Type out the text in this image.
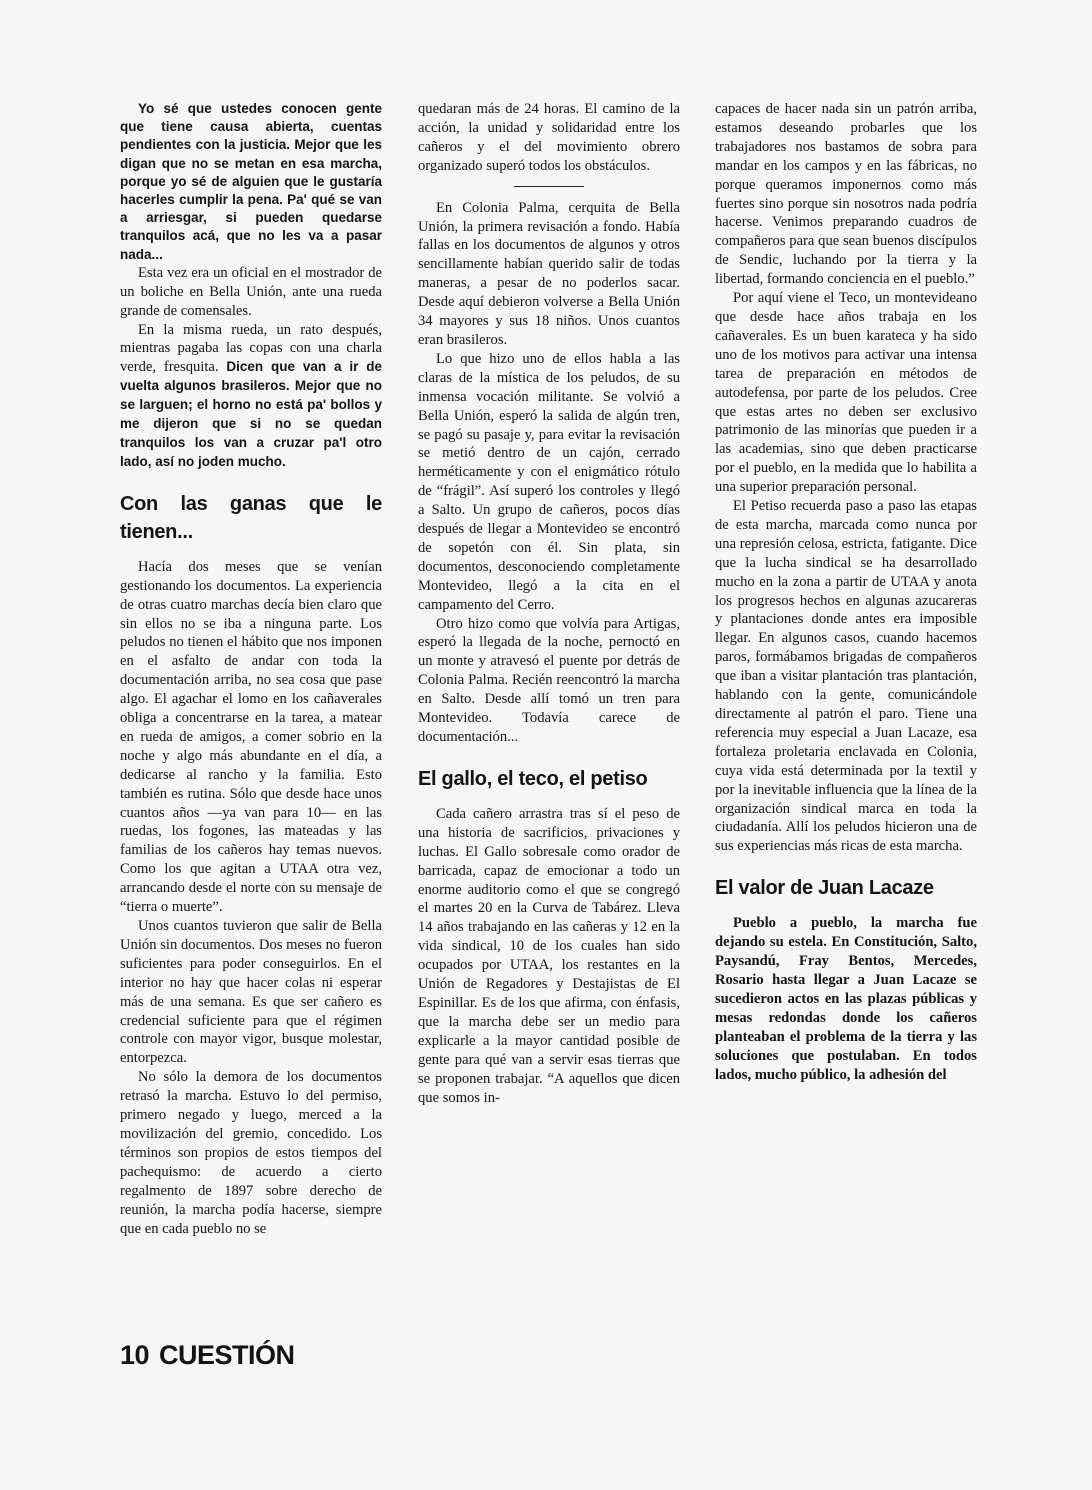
Yo sé que ustedes conocen gente que tiene causa abierta, cuentas pendientes con la justicia. Mejor que les digan que no se metan en esa marcha, porque yo sé de alguien que le gustaría hacerles cumplir la pena. Pa' qué se van a arriesgar, si pueden quedarse tranquilos acá, que no les va a pasar nada...

Esta vez era un oficial en el mostrador de un boliche en Bella Unión, ante una rueda grande de comensales.

En la misma rueda, un rato después, mientras pagaba las copas con una charla verde, fresquita. Dicen que van a ir de vuelta algunos brasileros. Mejor que no se larguen; el horno no está pa' bollos y me dijeron que si no se quedan tranquilos los van a cruzar pa'l otro lado, así no joden mucho.

Con las ganas que le tienen...

Hacía dos meses que se venían gestionando los documentos. La experiencia de otras cuatro marchas decía bien claro que sin ellos no se iba a ninguna parte. Los peludos no tienen el hábito que nos imponen en el asfalto de andar con toda la documentación arriba, no sea cosa que pase algo. El agachar el lomo en los cañaverales obliga a concentrarse en la tarea, a matear en rueda de amigos, a comer sobrio en la noche y algo más abundante en el día, a dedicarse al rancho y la familia. Esto también es rutina. Sólo que desde hace unos cuantos años —ya van para 10— en las ruedas, los fogones, las mateadas y las familias de los cañeros hay temas nuevos. Como los que agitan a UTAA otra vez, arrancando desde el norte con su mensaje de “tierra o muerte”.

Unos cuantos tuvieron que salir de Bella Unión sin documentos. Dos meses no fueron suficientes para poder conseguirlos. En el interior no hay que hacer colas ni esperar más de una semana. Es que ser cañero es credencial suficiente para que el régimen controle con mayor vigor, busque molestar, entorpezca.

No sólo la demora de los documentos retrasó la marcha. Estuvo lo del permiso, primero negado y luego, merced a la movilización del gremio, concedido. Los términos son propios de estos tiempos del pachequismo: de acuerdo a cierto regalmento de 1897 sobre derecho de reunión, la marcha podía hacerse, siempre que en cada pueblo no se

quedaran más de 24 horas. El camino de la acción, la unidad y solidaridad entre los cañeros y el del movimiento obrero organizado superó todos los obstáculos.

En Colonia Palma, cerquita de Bella Unión, la primera revisación a fondo. Había fallas en los documentos de algunos y otros sencillamente habían querido salir de todas maneras, a pesar de no poderlos sacar. Desde aquí debieron volverse a Bella Unión 34 mayores y sus 18 niños. Unos cuantos eran brasileros.

Lo que hizo uno de ellos habla a las claras de la mística de los peludos, de su inmensa vocación militante. Se volvió a Bella Unión, esperó la salida de algún tren, se pagó su pasaje y, para evitar la revisación se metió dentro de un cajón, cerrado herméticamente y con el enigmático rótulo de “frágil”. Así superó los controles y llegó a Salto. Un grupo de cañeros, pocos días después de llegar a Montevideo se encontró de sopetón con él. Sin plata, sin documentos, desconociendo completamente Montevideo, llegó a la cita en el campamento del Cerro.

Otro hizo como que volvía para Artigas, esperó la llegada de la noche, pernoctó en un monte y atravesó el puente por detrás de Colonia Palma. Recién reencontró la marcha en Salto. Desde allí tomó un tren para Montevideo. Todavía carece de documentación...

El gallo, el teco, el petiso

Cada cañero arrastra tras sí el peso de una historia de sacrificios, privaciones y luchas. El Gallo sobresale como orador de barricada, capaz de emocionar a todo un enorme auditorio como el que se congregó el martes 20 en la Curva de Tabárez. Lleva 14 años trabajando en las cañeras y 12 en la vida sindical, 10 de los cuales han sido ocupados por UTAA, los restantes en la Unión de Regadores y Destajistas de El Espinillar. Es de los que afirma, con énfasis, que la marcha debe ser un medio para explicarle a la mayor cantidad posible de gente para qué van a servir esas tierras que se proponen trabajar. “A aquellos que dicen que somos in-

capaces de hacer nada sin un patrón arriba, estamos deseando probarles que los trabajadores nos bastamos de sobra para mandar en los campos y en las fábricas, no porque queramos imponernos como más fuertes sino porque sin nosotros nada podría hacerse. Venimos preparando cuadros de compañeros para que sean buenos discípulos de Sendic, luchando por la tierra y la libertad, formando conciencia en el pueblo.”

Por aquí viene el Teco, un montevideano que desde hace años trabaja en los cañaverales. Es un buen karateca y ha sido uno de los motivos para activar una intensa tarea de preparación en métodos de autodefensa, por parte de los peludos. Cree que estas artes no deben ser exclusivo patrimonio de las minorías que pueden ir a las academias, sino que deben practicarse por el pueblo, en la medida que lo habilita a una superior preparación personal.

El Petiso recuerda paso a paso las etapas de esta marcha, marcada como nunca por una represión celosa, estricta, fatigante. Dice que la lucha sindical se ha desarrollado mucho en la zona a partir de UTAA y anota los progresos hechos en algunas azucareras y plantaciones donde antes era imposible llegar. En algunos casos, cuando hacemos paros, formábamos brigadas de compañeros que iban a visitar plantación tras plantación, hablando con la gente, comunicándole directamente al patrón el paro. Tiene una referencia muy especial a Juan Lacaze, esa fortaleza proletaria enclavada en Colonia, cuya vida está determinada por la textil y por la inevitable influencia que la línea de la organización sindical marca en toda la ciudadanía. Allí los peludos hicieron una de sus experiencias más ricas de esta marcha.

El valor de Juan Lacaze

Pueblo a pueblo, la marcha fue dejando su estela. En Constitución, Salto, Paysandú, Fray Bentos, Mercedes, Rosario hasta llegar a Juan Lacaze se sucedieron actos en las plazas públicas y mesas redondas donde los cañeros planteaban el problema de la tierra y las soluciones que postulaban. En todos lados, mucho público, la adhesión del

10 CUESTIÓN
